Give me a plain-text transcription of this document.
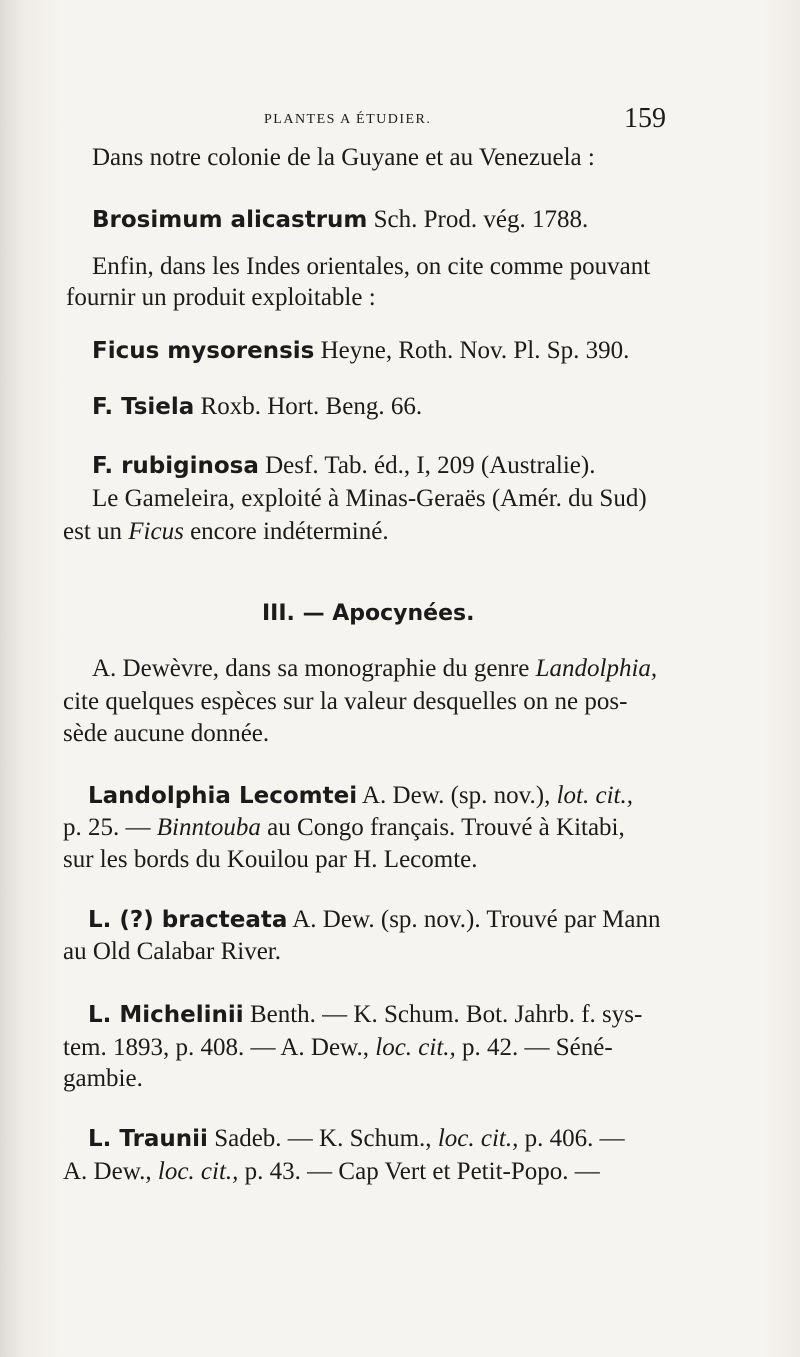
PLANTES A ÉTUDIER.	159
Dans notre colonie de la Guyane et au Venezuela :
Brosimum alicastrum Sch. Prod. vég. 1788.
Enfin, dans les Indes orientales, on cite comme pouvant
fournir un produit exploitable :
Ficus mysorensis Heyne, Roth. Nov. Pl. Sp. 390.
F. Tsiela Roxb. Hort. Beng. 66.
F. rubiginosa Desf. Tab. éd., I, 209 (Australie).
Le Gameleira, exploité à Minas-Geraës (Amér. du Sud)
est un Ficus encore indéterminé.
III. — Apocynées.
A. Dewèvre, dans sa monographie du genre Landolphia,
cite quelques espèces sur la valeur desquelles on ne pos-
sède aucune donnée.
Landolphia Lecomtei A. Dew. (sp. nov.), lot. cit.,
p. 25. — Binntouba au Congo français. Trouvé à Kitabi,
sur les bords du Kouilou par H. Lecomte.
L. (?) bracteata A. Dew. (sp. nov.). Trouvé par Mann
au Old Calabar River.
L. Michelinii Benth. — K. Schum. Bot. Jahrb. f. sys-
tem. 1893, p. 408. — A. Dew., loc. cit., p. 42. — Séné-
gambie.
L. Traunii Sadeb. — K. Schum., loc. cit., p. 406. —
A. Dew., loc. cit., p. 43. — Cap Vert et Petit-Popo. —
